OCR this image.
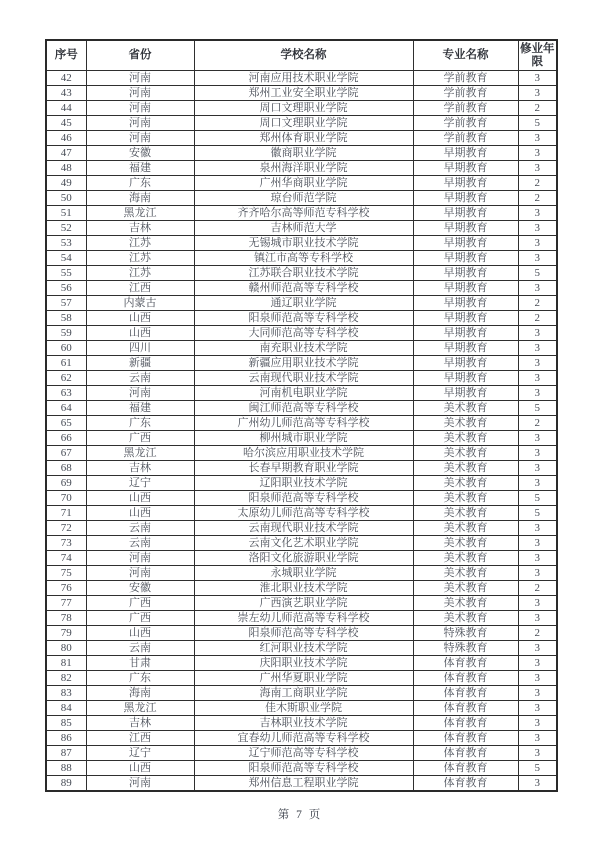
序号	省份	学校名称	专业名称	修业年限
42	河南	河南应用技术职业学院	学前教育	3
43	河南	郑州工业安全职业学院	学前教育	3
44	河南	周口文理职业学院	学前教育	2
45	河南	周口文理职业学院	学前教育	5
46	河南	郑州体育职业学院	学前教育	3
47	安徽	徽商职业学院	早期教育	3
48	福建	泉州海洋职业学院	早期教育	3
49	广东	广州华商职业学院	早期教育	2
50	海南	琼台师范学院	早期教育	2
51	黑龙江	齐齐哈尔高等师范专科学校	早期教育	3
52	吉林	吉林师范大学	早期教育	3
53	江苏	无锡城市职业技术学院	早期教育	3
54	江苏	镇江市高等专科学校	早期教育	3
55	江苏	江苏联合职业技术学院	早期教育	5
56	江西	赣州师范高等专科学校	早期教育	3
57	内蒙古	通辽职业学院	早期教育	2
58	山西	阳泉师范高等专科学校	早期教育	2
59	山西	大同师范高等专科学校	早期教育	3
60	四川	南充职业技术学院	早期教育	3
61	新疆	新疆应用职业技术学院	早期教育	3
62	云南	云南现代职业技术学院	早期教育	3
63	河南	河南机电职业学院	早期教育	3
64	福建	闽江师范高等专科学校	美术教育	5
65	广东	广州幼儿师范高等专科学校	美术教育	2
66	广西	柳州城市职业学院	美术教育	3
67	黑龙江	哈尔滨应用职业技术学院	美术教育	3
68	吉林	长春早期教育职业学院	美术教育	3
69	辽宁	辽阳职业技术学院	美术教育	3
70	山西	阳泉师范高等专科学校	美术教育	5
71	山西	太原幼儿师范高等专科学校	美术教育	5
72	云南	云南现代职业技术学院	美术教育	3
73	云南	云南文化艺术职业学院	美术教育	3
74	河南	洛阳文化旅游职业学院	美术教育	3
75	河南	永城职业学院	美术教育	3
76	安徽	淮北职业技术学院	美术教育	2
77	广西	广西演艺职业学院	美术教育	3
78	广西	崇左幼儿师范高等专科学校	美术教育	3
79	山西	阳泉师范高等专科学校	特殊教育	2
80	云南	红河职业技术学院	特殊教育	3
81	甘肃	庆阳职业技术学院	体育教育	3
82	广东	广州华夏职业学院	体育教育	3
83	海南	海南工商职业学院	体育教育	3
84	黑龙江	佳木斯职业学院	体育教育	3
85	吉林	吉林职业技术学院	体育教育	3
86	江西	宜春幼儿师范高等专科学校	体育教育	3
87	辽宁	辽宁师范高等专科学校	体育教育	3
88	山西	阳泉师范高等专科学校	体育教育	5
89	河南	郑州信息工程职业学院	体育教育	3
第 7 页
